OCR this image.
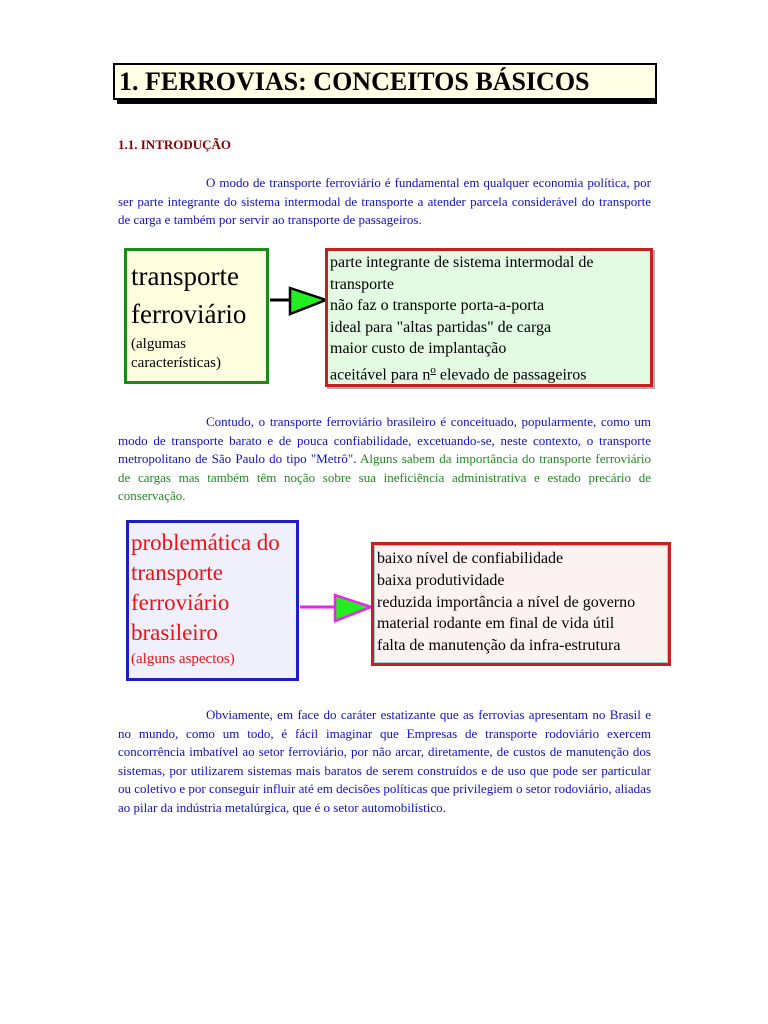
1. FERROVIAS: CONCEITOS BÁSICOS
1.1. INTRODUÇÃO
O modo de transporte ferroviário é fundamental em qualquer economia política, por ser parte integrante do sistema intermodal de transporte a atender parcela considerável do transporte de carga e também por servir ao transporte de passageiros.
transporte
ferroviário
(algumas características)
parte integrante de sistema intermodal de transporte
não faz o transporte porta-a-porta
ideal para "altas partidas" de carga
maior custo de implantação
aceitável para $n^o$ elevado de passageiros
Contudo, o transporte ferroviário brasileiro é conceituado, popularmente, como um modo de transporte barato e de pouca confiabilidade, excetuando-se, neste contexto, o transporte metropolitano de São Paulo do tipo "Metrô". Alguns sabem da importância do transporte ferroviário de cargas mas também têm noção sobre sua ineficiência administrativa e estado precário de conservação.
problemática do
transporte
ferroviário
brasileiro
(alguns aspectos)
baixo nível de confiabilidade
baixa produtividade
reduzida importância a nível de governo
material rodante em final de vida útil
falta de manutenção da infra-estrutura
Obviamente, em face do caráter estatizante que as ferrovias apresentam no Brasil e no mundo, como um todo, é fácil imaginar que Empresas de transporte rodoviário exercem concorrência imbatível ao setor ferroviário, por não arcar, diretamente, de custos de manutenção dos sistemas, por utilizarem sistemas mais baratos de serem construídos e de uso que pode ser particular ou coletivo e por conseguir influir até em decisões políticas que privilegiem o setor rodoviário, aliadas ao pilar da indústria metalúrgica, que é o setor automobilístico.
